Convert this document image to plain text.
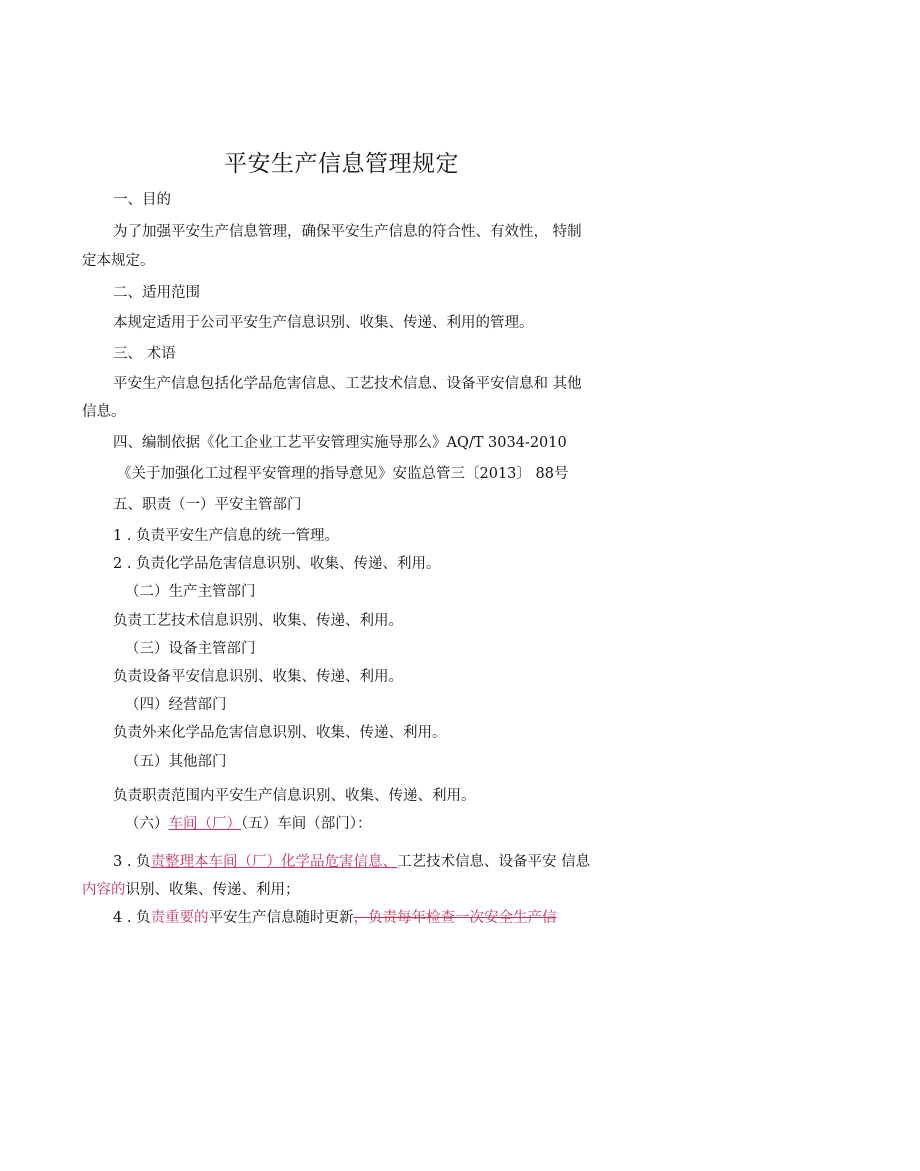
平安生产信息管理规定
一、目的
为了加强平安生产信息管理，确保平安生产信息的符合性、有效性， 特制
定本规定。
二、适用范围
本规定适用于公司平安生产信息识别、收集、传递、利用的管理。
三、 术语
平安生产信息包括化学品危害信息、工艺技术信息、设备平安信息和 其他
信息。
四、编制依据《化工企业工艺平安管理实施导那么》AQ/T 3034-2010
《关于加强化工过程平安管理的指导意见》安监总管三〔2013〕 88号
五、职责（一）平安主管部门
1 . 负责平安生产信息的统一管理。
2 . 负责化学品危害信息识别、收集、传递、利用。
（二）生产主管部门
负责工艺技术信息识别、收集、传递、利用。
（三）设备主管部门
负责设备平安信息识别、收集、传递、利用。
（四）经营部门
负责外来化学品危害信息识别、收集、传递、利用。
（五）其他部门
负责职责范围内平安生产信息识别、收集、传递、利用。
（六）车间（厂）（五）车间（部门）：
3 . 负责整理本车间（厂）化学品危害信息、工艺技术信息、设备平安 信息
内容的识别、收集、传递、利用；
4 . 负责重要的平安生产信息随时更新，负责每年检查一次安全生产信
